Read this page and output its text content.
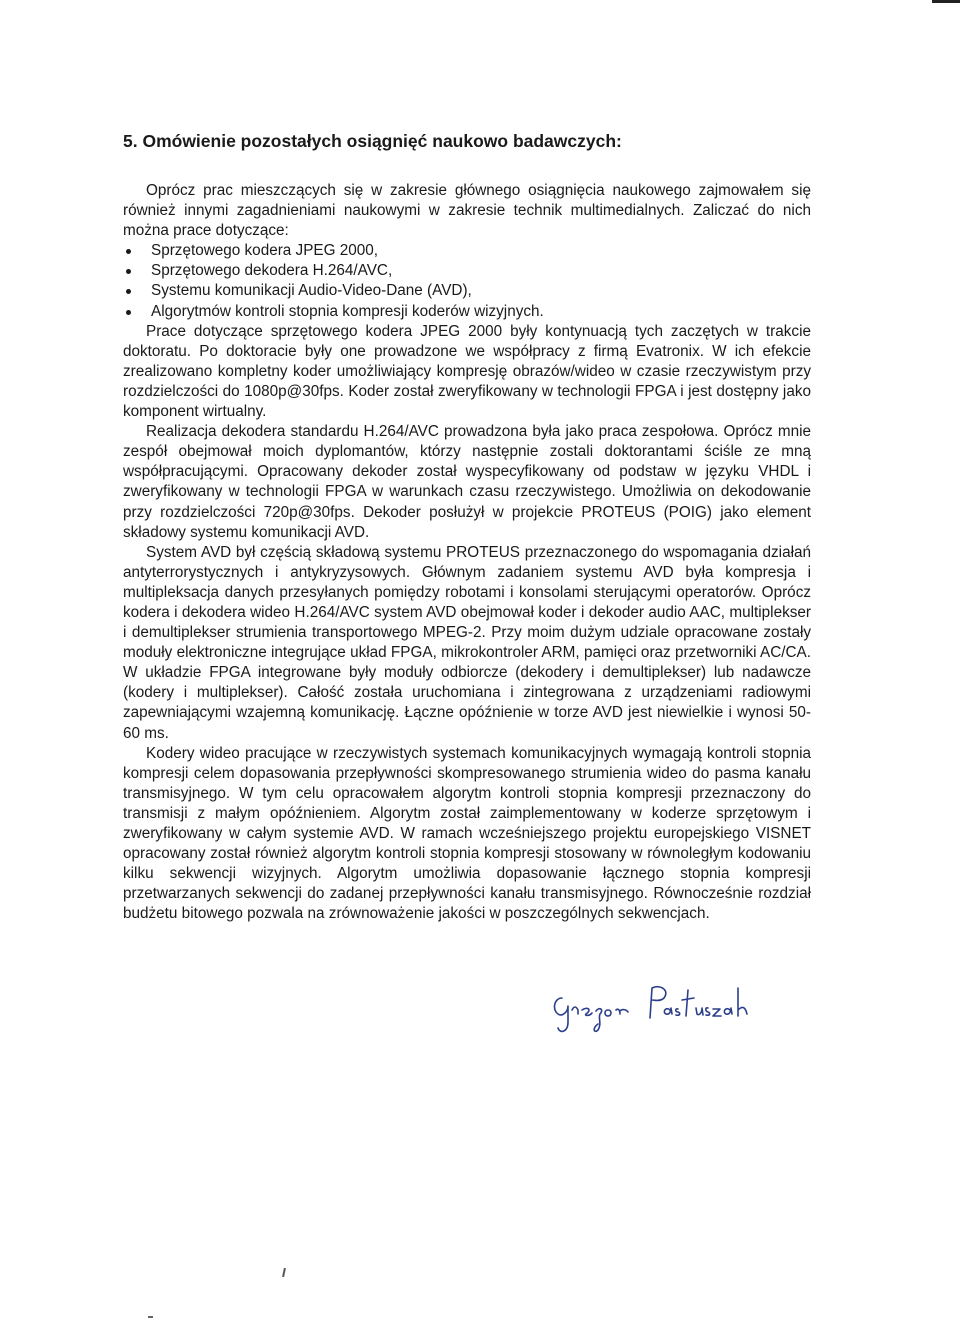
5. Omówienie pozostałych osiągnięć naukowo badawczych:

Oprócz prac mieszczących się w zakresie głównego osiągnięcia naukowego zajmowałem się również innymi zagadnieniami naukowymi w zakresie technik multimedialnych. Zaliczać do nich można prace dotyczące:

Sprzętowego kodera JPEG 2000,
Sprzętowego dekodera H.264/AVC,
Systemu komunikacji Audio-Video-Dane (AVD),
Algorytmów kontroli stopnia kompresji koderów wizyjnych.

Prace dotyczące sprzętowego kodera JPEG 2000 były kontynuacją tych zaczętych w trakcie doktoratu. Po doktoracie były one prowadzone we współpracy z firmą Evatronix. W ich efekcie zrealizowano kompletny koder umożliwiający kompresję obrazów/wideo w czasie rzeczywistym przy rozdzielczości do 1080p@30fps. Koder został zweryfikowany w technologii FPGA i jest dostępny jako komponent wirtualny.

Realizacja dekodera standardu H.264/AVC prowadzona była jako praca zespołowa. Oprócz mnie zespół obejmował moich dyplomantów, którzy następnie zostali doktorantami ściśle ze mną współpracującymi. Opracowany dekoder został wyspecyfikowany od podstaw w języku VHDL i zweryfikowany w technologii FPGA w warunkach czasu rzeczywistego. Umożliwia on dekodowanie przy rozdzielczości 720p@30fps. Dekoder posłużył w projekcie PROTEUS (POIG) jako element składowy systemu komunikacji AVD.

System AVD był częścią składową systemu PROTEUS przeznaczonego do wspomagania działań antyterrorystycznych i antykryzysowych. Głównym zadaniem systemu AVD była kompresja i multipleksacja danych przesyłanych pomiędzy robotami i konsolami sterującymi operatorów. Oprócz kodera i dekodera wideo H.264/AVC system AVD obejmował koder i dekoder audio AAC, multiplekser i demultiplekser strumienia transportowego MPEG-2. Przy moim dużym udziale opracowane zostały moduły elektroniczne integrujące układ FPGA, mikrokontroler ARM, pamięci oraz przetworniki AC/CA. W układzie FPGA integrowane były moduły odbiorcze (dekodery i demultiplekser) lub nadawcze (kodery i multiplekser). Całość została uruchomiana i zintegrowana z urządzeniami radiowymi zapewniającymi wzajemną komunikację. Łączne opóźnienie w torze AVD jest niewielkie i wynosi 50-60 ms.

Kodery wideo pracujące w rzeczywistych systemach komunikacyjnych wymagają kontroli stopnia kompresji celem dopasowania przepływności skompresowanego strumienia wideo do pasma kanału transmisyjnego. W tym celu opracowałem algorytm kontroli stopnia kompresji przeznaczony do transmisji z małym opóźnieniem. Algorytm został zaimplementowany w koderze sprzętowym i zweryfikowany w całym systemie AVD. W ramach wcześniejszego projektu europejskiego VISNET opracowany został również algorytm kontroli stopnia kompresji stosowany w równoległym kodowaniu kilku sekwencji wizyjnych. Algorytm umożliwia dopasowanie łącznego stopnia kompresji przetwarzanych sekwencji do zadanej przepływności kanału transmisyjnego. Równocześnie rozdział budżetu bitowego pozwala na zrównoważenie jakości w poszczególnych sekwencjach.
